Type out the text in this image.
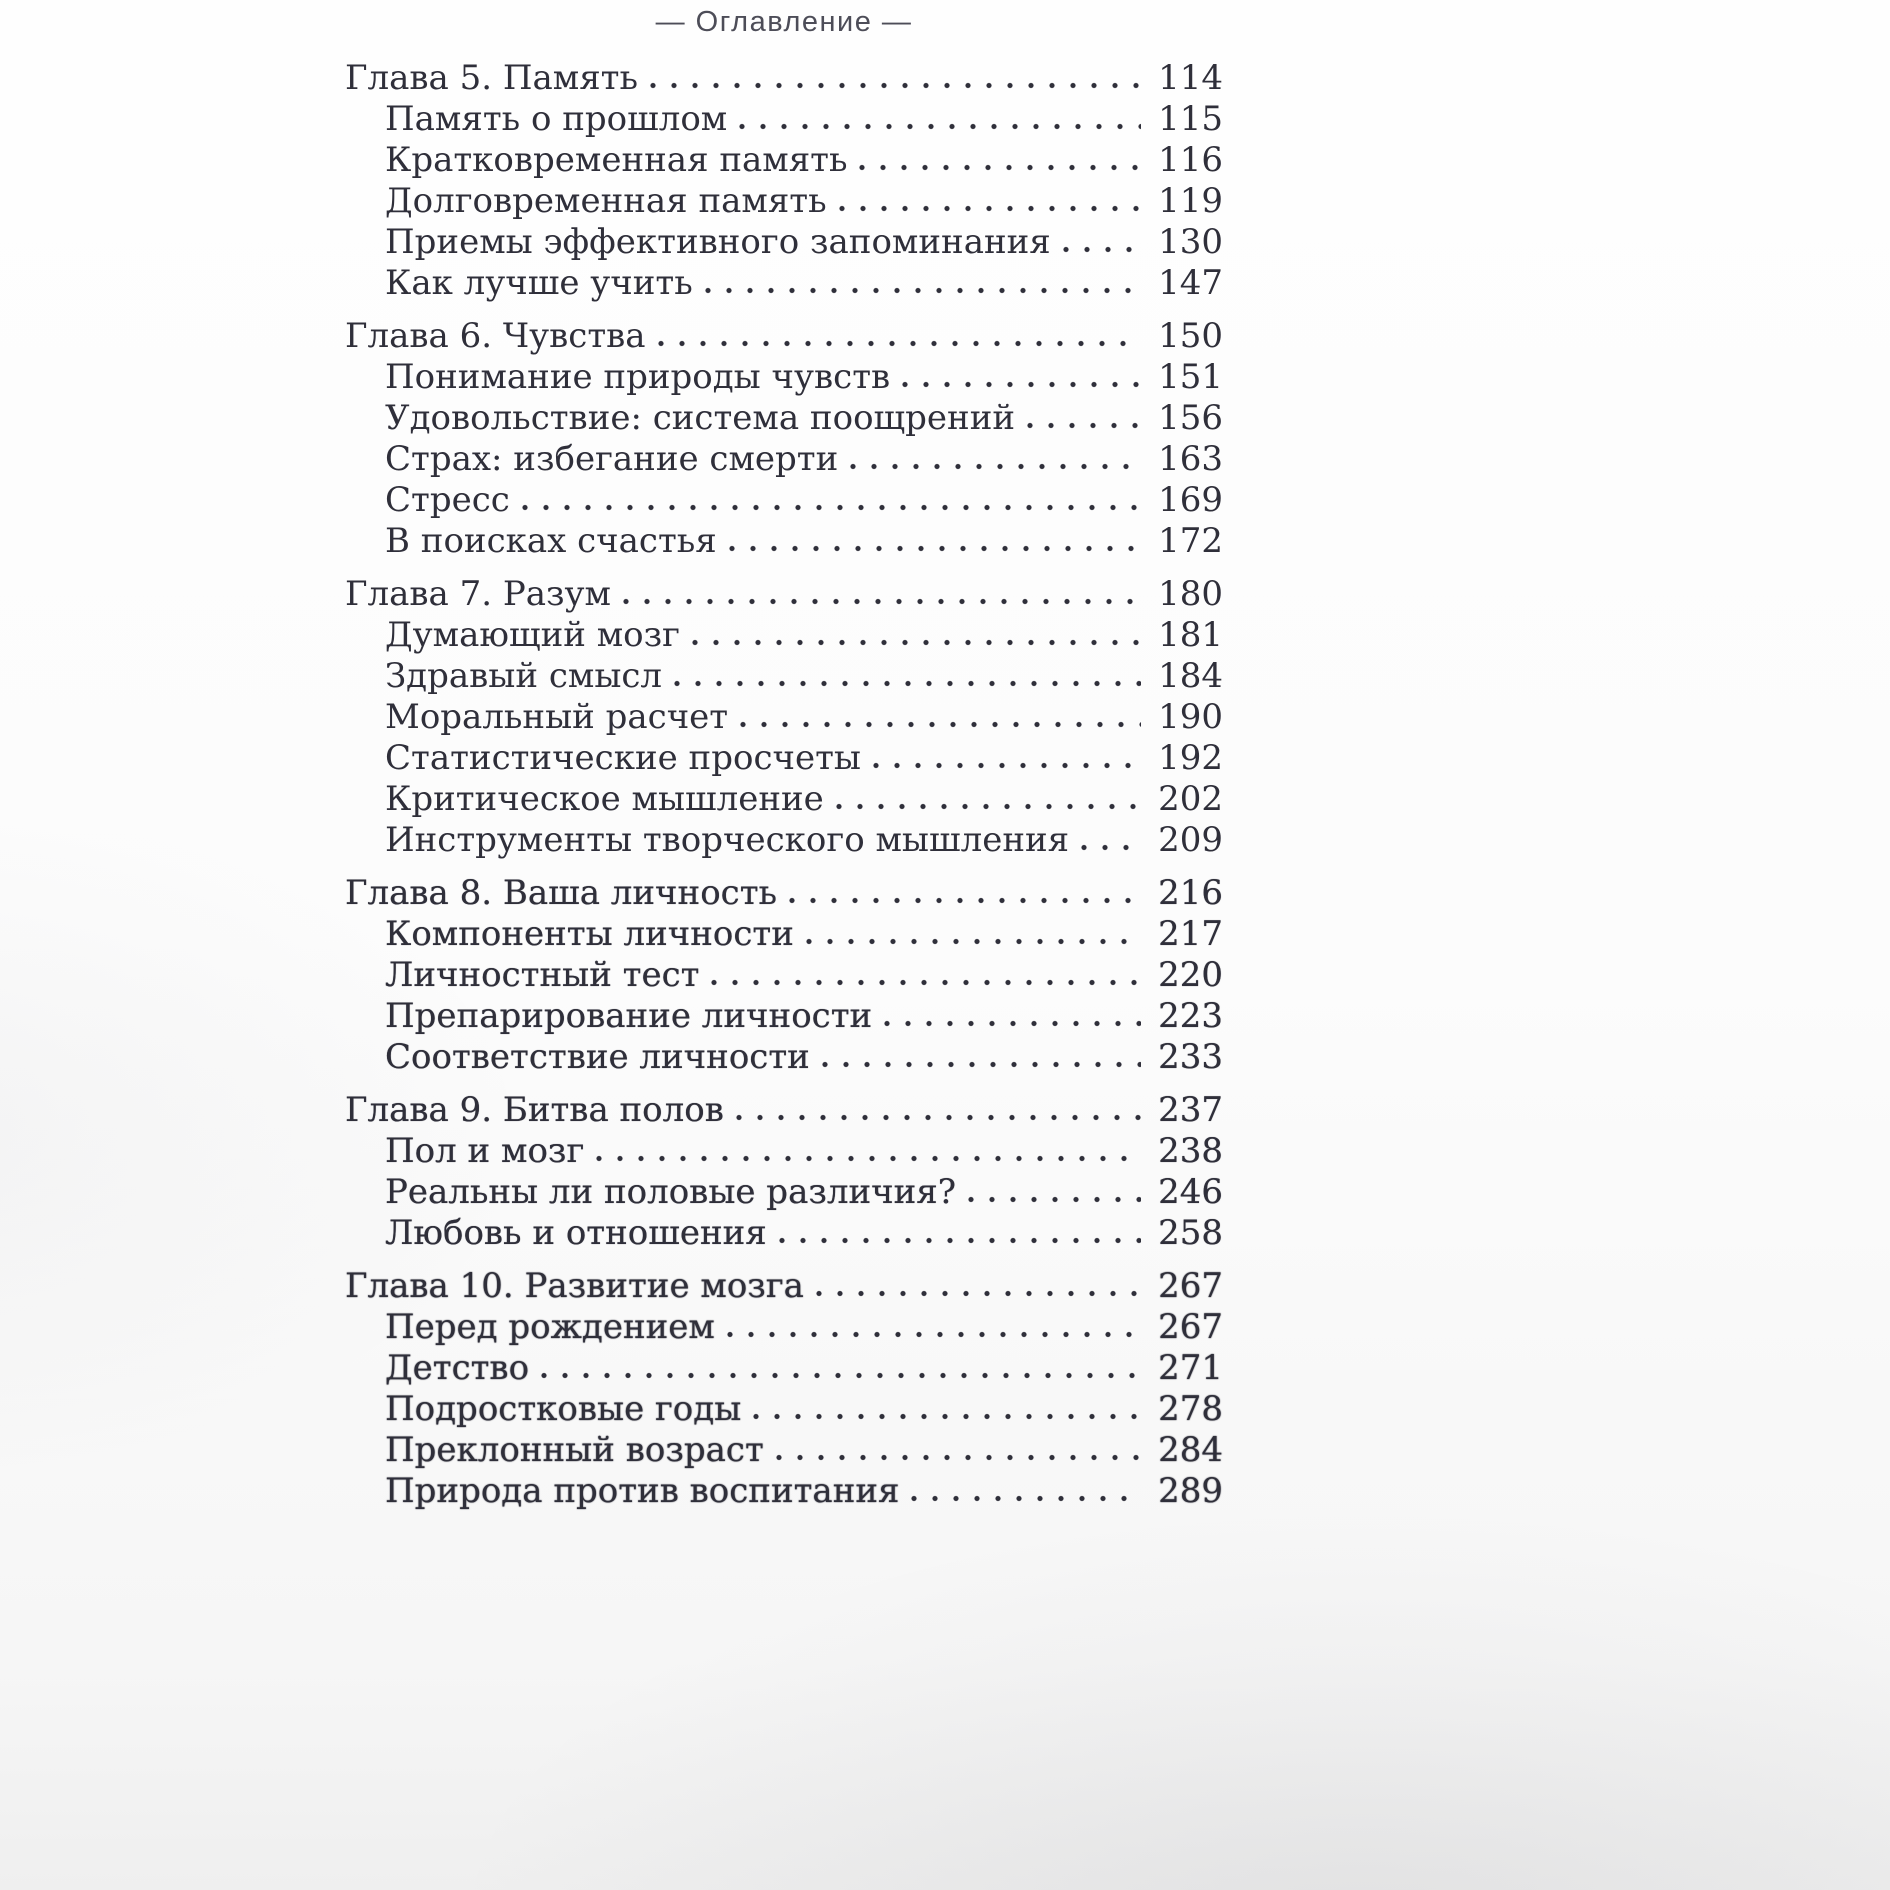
— Оглавление —
Глава 5. Память	114
Память о прошлом	115
Кратковременная память	116
Долговременная память	119
Приемы эффективного запоминания	130
Как лучше учить	147
Глава 6. Чувства	150
Понимание природы чувств	151
Удовольствие: система поощрений	156
Страх: избегание смерти	163
Стресс	169
В поисках счастья	172
Глава 7. Разум	180
Думающий мозг	181
Здравый смысл	184
Моральный расчет	190
Статистические просчеты	192
Критическое мышление	202
Инструменты творческого мышления	209
Глава 8. Ваша личность	216
Компоненты личности	217
Личностный тест	220
Препарирование личности	223
Соответствие личности	233
Глава 9. Битва полов	237
Пол и мозг	238
Реальны ли половые различия?	246
Любовь и отношения	258
Глава 10. Развитие мозга	267
Перед рождением	267
Детство	271
Подростковые годы	278
Преклонный возраст	284
Природа против воспитания	289
